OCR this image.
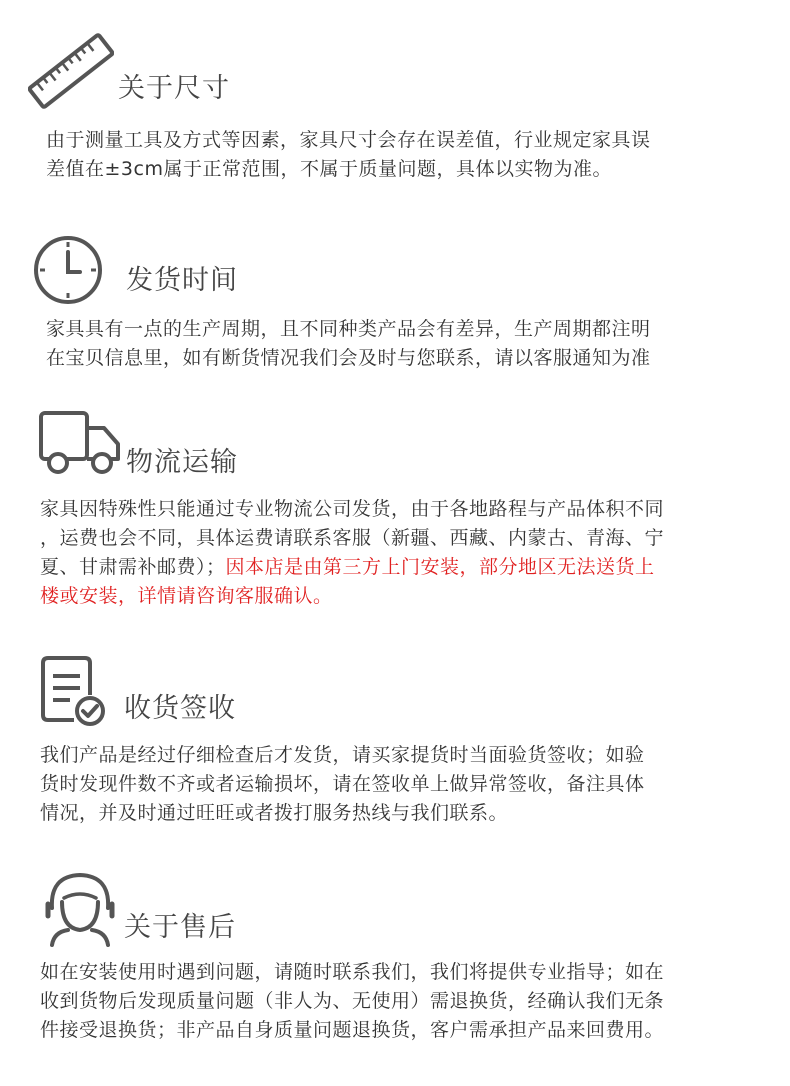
关于尺寸

由于测量工具及方式等因素，家具尺寸会存在误差值，行业规定家具误

差值在±3cm属于正常范围，不属于质量问题，具体以实物为准。

发货时间

家具具有一点的生产周期，且不同种类产品会有差异，生产周期都注明

在宝贝信息里，如有断货情况我们会及时与您联系，请以客服通知为准

物流运输

家具因特殊性只能通过专业物流公司发货，由于各地路程与产品体积不同

，运费也会不同，具体运费请联系客服（新疆、西藏、内蒙古、青海、宁

夏、甘肃需补邮费）；因本店是由第三方上门安装，部分地区无法送货上

楼或安装，详情请咨询客服确认。

收货签收

我们产品是经过仔细检查后才发货，请买家提货时当面验货签收；如验

货时发现件数不齐或者运输损坏，请在签收单上做异常签收，备注具体

情况，并及时通过旺旺或者拨打服务热线与我们联系。

关于售后

如在安装使用时遇到问题，请随时联系我们，我们将提供专业指导；如在

收到货物后发现质量问题（非人为、无使用）需退换货，经确认我们无条

件接受退换货；非产品自身质量问题退换货，客户需承担产品来回费用。
